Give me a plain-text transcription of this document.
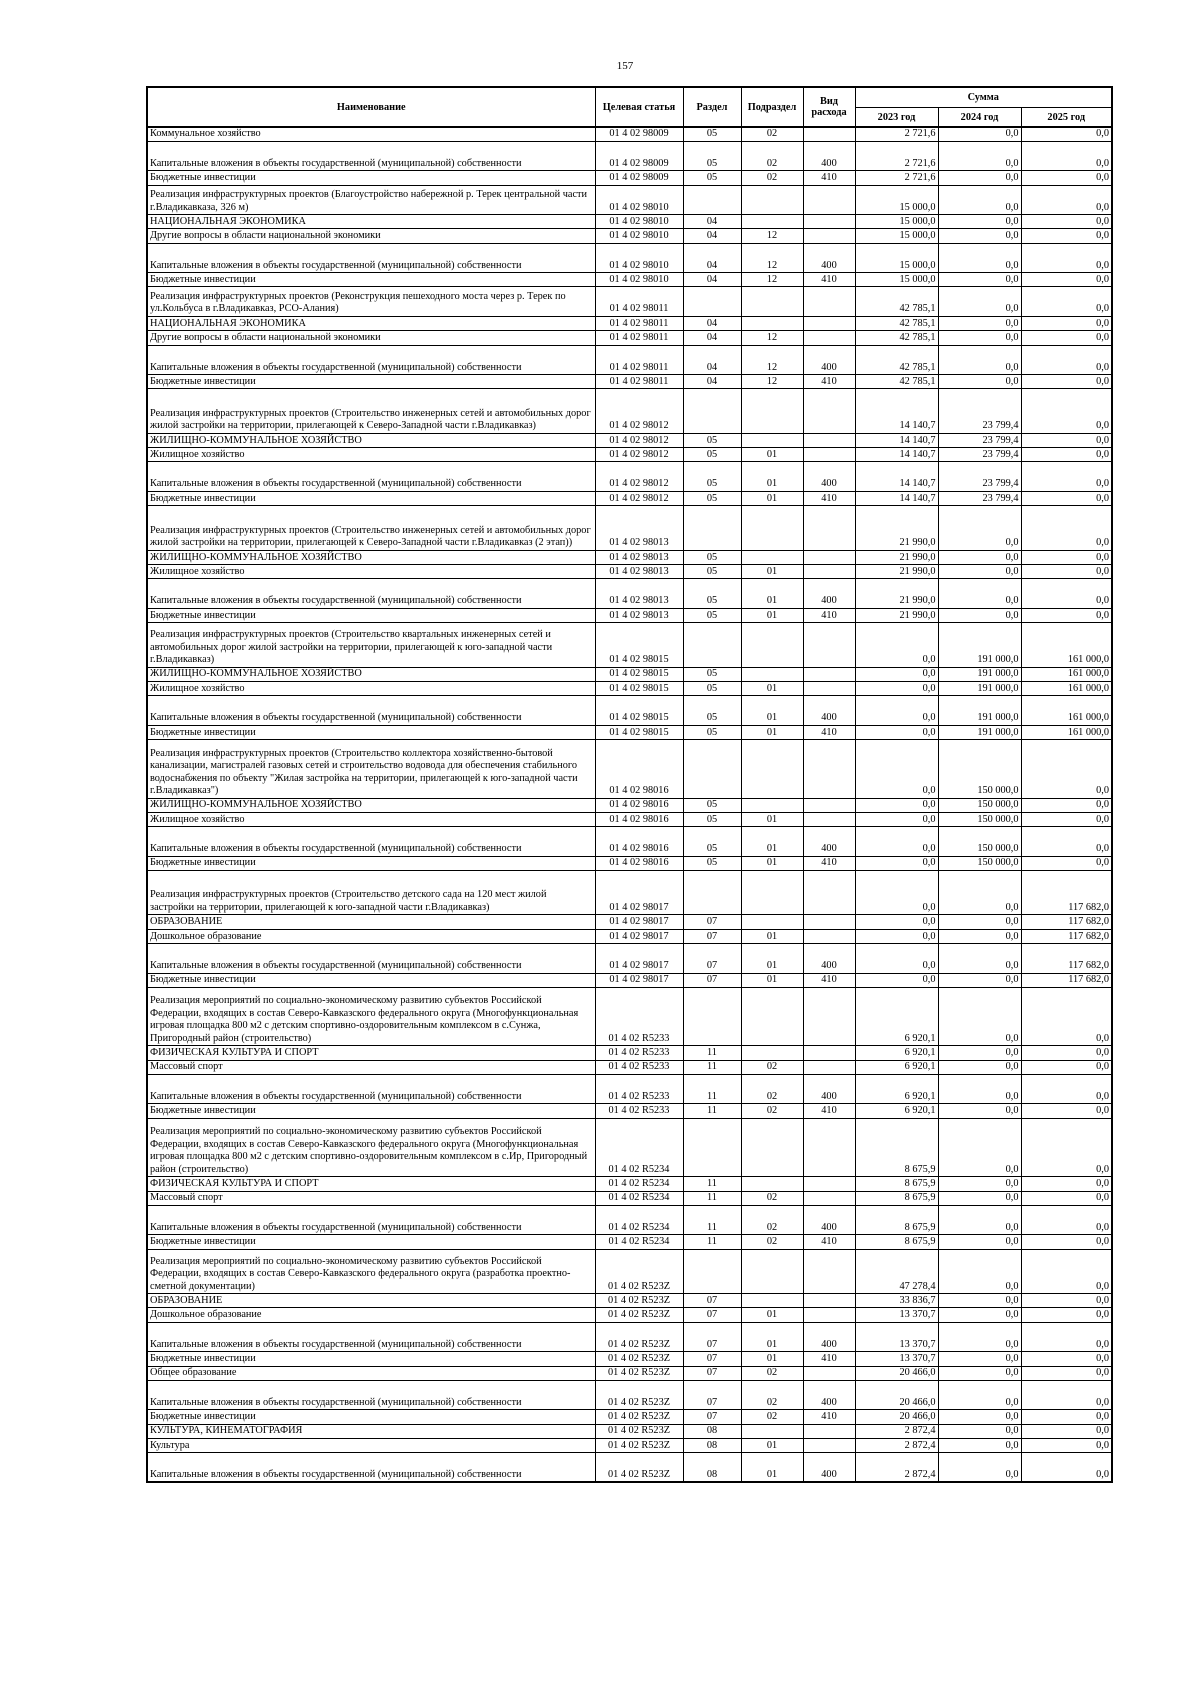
157
Наименование	Целевая статья	Раздел	Подраздел	Вид расхода	Сумма		
					2023 год	2024 год	2025 год
Коммунальное хозяйство	01 4 02 98009	05	02		2 721,6	0,0	0,0
Капитальные вложения в объекты государственной (муниципальной) собственности	01 4 02 98009	05	02	400	2 721,6	0,0	0,0
Бюджетные инвестиции	01 4 02 98009	05	02	410	2 721,6	0,0	0,0
Реализация инфраструктурных проектов (Благоустройство набережной р. Терек центральной части г.Владикавказа, 326 м)	01 4 02 98010				15 000,0	0,0	0,0
НАЦИОНАЛЬНАЯ ЭКОНОМИКА	01 4 02 98010	04			15 000,0	0,0	0,0
Другие вопросы в области национальной экономики	01 4 02 98010	04	12		15 000,0	0,0	0,0
Капитальные вложения в объекты государственной (муниципальной) собственности	01 4 02 98010	04	12	400	15 000,0	0,0	0,0
Бюджетные инвестиции	01 4 02 98010	04	12	410	15 000,0	0,0	0,0
Реализация инфраструктурных проектов (Реконструкция пешеходного моста через р. Терек по ул.Кольбуса в г.Владикавказ, РСО-Алания)	01 4 02 98011				42 785,1	0,0	0,0
НАЦИОНАЛЬНАЯ ЭКОНОМИКА	01 4 02 98011	04			42 785,1	0,0	0,0
Другие вопросы в области национальной экономики	01 4 02 98011	04	12		42 785,1	0,0	0,0
Капитальные вложения в объекты государственной (муниципальной) собственности	01 4 02 98011	04	12	400	42 785,1	0,0	0,0
Бюджетные инвестиции	01 4 02 98011	04	12	410	42 785,1	0,0	0,0
Реализация инфраструктурных проектов (Строительство инженерных сетей и автомобильных дорог жилой застройки на территории, прилегающей к Северо-Западной части г.Владикавказ)	01 4 02 98012				14 140,7	23 799,4	0,0
ЖИЛИЩНО-КОММУНАЛЬНОЕ ХОЗЯЙСТВО	01 4 02 98012	05			14 140,7	23 799,4	0,0
Жилищное хозяйство	01 4 02 98012	05	01		14 140,7	23 799,4	0,0
Капитальные вложения в объекты государственной (муниципальной) собственности	01 4 02 98012	05	01	400	14 140,7	23 799,4	0,0
Бюджетные инвестиции	01 4 02 98012	05	01	410	14 140,7	23 799,4	0,0
Реализация инфраструктурных проектов (Строительство инженерных сетей и автомобильных дорог жилой застройки на территории, прилегающей к Северо-Западной части г.Владикавказ (2 этап))	01 4 02 98013				21 990,0	0,0	0,0
ЖИЛИЩНО-КОММУНАЛЬНОЕ ХОЗЯЙСТВО	01 4 02 98013	05			21 990,0	0,0	0,0
Жилищное хозяйство	01 4 02 98013	05	01		21 990,0	0,0	0,0
Капитальные вложения в объекты государственной (муниципальной) собственности	01 4 02 98013	05	01	400	21 990,0	0,0	0,0
Бюджетные инвестиции	01 4 02 98013	05	01	410	21 990,0	0,0	0,0
Реализация инфраструктурных проектов (Строительство квартальных инженерных сетей и автомобильных дорог жилой застройки на территории, прилегающей к юго-западной части г.Владикавказ)	01 4 02 98015				0,0	191 000,0	161 000,0
ЖИЛИЩНО-КОММУНАЛЬНОЕ ХОЗЯЙСТВО	01 4 02 98015	05			0,0	191 000,0	161 000,0
Жилищное хозяйство	01 4 02 98015	05	01		0,0	191 000,0	161 000,0
Капитальные вложения в объекты государственной (муниципальной) собственности	01 4 02 98015	05	01	400	0,0	191 000,0	161 000,0
Бюджетные инвестиции	01 4 02 98015	05	01	410	0,0	191 000,0	161 000,0
Реализация инфраструктурных проектов (Строительство коллектора хозяйственно-бытовой канализации, магистралей газовых сетей и строительство водовода для обеспечения стабильного водоснабжения по объекту "Жилая застройка на территории, прилегающей к юго-западной части г.Владикавказ")	01 4 02 98016				0,0	150 000,0	0,0
ЖИЛИЩНО-КОММУНАЛЬНОЕ ХОЗЯЙСТВО	01 4 02 98016	05			0,0	150 000,0	0,0
Жилищное хозяйство	01 4 02 98016	05	01		0,0	150 000,0	0,0
Капитальные вложения в объекты государственной (муниципальной) собственности	01 4 02 98016	05	01	400	0,0	150 000,0	0,0
Бюджетные инвестиции	01 4 02 98016	05	01	410	0,0	150 000,0	0,0
Реализация инфраструктурных проектов (Строительство детского сада на 120 мест жилой застройки на территории, прилегающей к юго-западной части г.Владикавказ)	01 4 02 98017				0,0	0,0	117 682,0
ОБРАЗОВАНИЕ	01 4 02 98017	07			0,0	0,0	117 682,0
Дошкольное образование	01 4 02 98017	07	01		0,0	0,0	117 682,0
Капитальные вложения в объекты государственной (муниципальной) собственности	01 4 02 98017	07	01	400	0,0	0,0	117 682,0
Бюджетные инвестиции	01 4 02 98017	07	01	410	0,0	0,0	117 682,0
Реализация мероприятий по социально-экономическому развитию субъектов Российской Федерации, входящих в состав Северо-Кавказского федерального округа (Многофункциональная игровая площадка 800 м2 с детским спортивно-оздоровительным комплексом в с.Сунжа, Пригородный район (строительство)	01 4 02 R5233				6 920,1	0,0	0,0
ФИЗИЧЕСКАЯ КУЛЬТУРА И СПОРТ	01 4 02 R5233	11			6 920,1	0,0	0,0
Массовый спорт	01 4 02 R5233	11	02		6 920,1	0,0	0,0
Капитальные вложения в объекты государственной (муниципальной) собственности	01 4 02 R5233	11	02	400	6 920,1	0,0	0,0
Бюджетные инвестиции	01 4 02 R5233	11	02	410	6 920,1	0,0	0,0
Реализация мероприятий по социально-экономическому развитию субъектов Российской Федерации, входящих в состав Северо-Кавказского федерального округа (Многофункциональная игровая площадка 800 м2 с детским спортивно-оздоровительным комплексом в с.Ир, Пригородный район (строительство)	01 4 02 R5234				8 675,9	0,0	0,0
ФИЗИЧЕСКАЯ КУЛЬТУРА И СПОРТ	01 4 02 R5234	11			8 675,9	0,0	0,0
Массовый спорт	01 4 02 R5234	11	02		8 675,9	0,0	0,0
Капитальные вложения в объекты государственной (муниципальной) собственности	01 4 02 R5234	11	02	400	8 675,9	0,0	0,0
Бюджетные инвестиции	01 4 02 R5234	11	02	410	8 675,9	0,0	0,0
Реализация мероприятий по социально-экономическому развитию субъектов Российской Федерации, входящих в состав Северо-Кавказского федерального округа (разработка проектно-сметной документации)	01 4 02 R523Z				47 278,4	0,0	0,0
ОБРАЗОВАНИЕ	01 4 02 R523Z	07			33 836,7	0,0	0,0
Дошкольное образование	01 4 02 R523Z	07	01		13 370,7	0,0	0,0
Капитальные вложения в объекты государственной (муниципальной) собственности	01 4 02 R523Z	07	01	400	13 370,7	0,0	0,0
Бюджетные инвестиции	01 4 02 R523Z	07	01	410	13 370,7	0,0	0,0
Общее образование	01 4 02 R523Z	07	02		20 466,0	0,0	0,0
Капитальные вложения в объекты государственной (муниципальной) собственности	01 4 02 R523Z	07	02	400	20 466,0	0,0	0,0
Бюджетные инвестиции	01 4 02 R523Z	07	02	410	20 466,0	0,0	0,0
КУЛЬТУРА, КИНЕМАТОГРАФИЯ	01 4 02 R523Z	08			2 872,4	0,0	0,0
Культура	01 4 02 R523Z	08	01		2 872,4	0,0	0,0
Капитальные вложения в объекты государственной (муниципальной) собственности	01 4 02 R523Z	08	01	400	2 872,4	0,0	0,0
